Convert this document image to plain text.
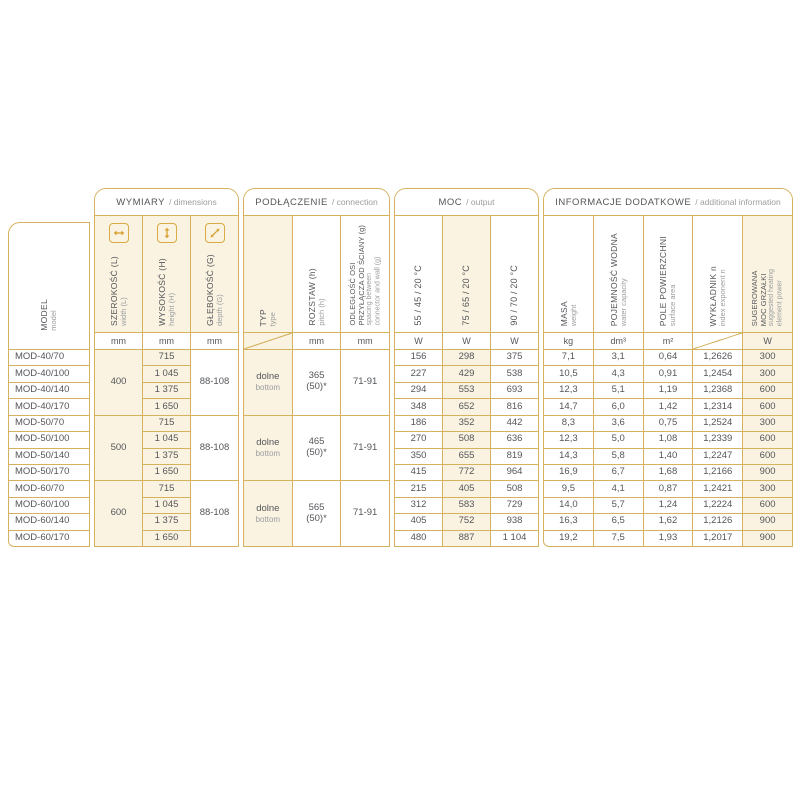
MODEL model
MOD-40/70
MOD-40/100
MOD-40/140
MOD-40/170
MOD-50/70
MOD-50/100
MOD-50/140
MOD-50/170
MOD-60/70
MOD-60/100
MOD-60/140
MOD-60/170
WYMIARY / dimensions
SZEROKOŚĆ (L) width (L)
mm
400
500
600
WYSOKOŚĆ (H) height (H)
mm
715
1 045
1 375
1 650
715
1 045
1 375
1 650
715
1 045
1 375
1 650
GŁĘBOKOŚĆ (G) depth (G)
mm
88-108
88-108
88-108
PODŁĄCZENIE / connection
TYP type
dolne
bottom
dolne
bottom
dolne
bottom
ROZSTAW (h) pitch (h)
mm
365
(50)*
465
(50)*
565
(50)*
ODLEGŁOŚĆ OSI PRZYŁĄCZA OD ŚCIANY (g) spacing between connector and wall (g)
mm
71-91
71-91
71-91
MOC / output
55 / 45 / 20 °C
W
156
227
294
348
186
270
350
415
215
312
405
480
75 / 65 / 20 °C
W
298
429
553
652
352
508
655
772
405
583
752
887
90 / 70 / 20 °C
W
375
538
693
816
442
636
819
964
508
729
938
1 104
INFORMACJE DODATKOWE / additional information
MASA weight
kg
7,1
10,5
12,3
14,7
8,3
12,3
14,3
16,9
9,5
14,0
16,3
19,2
POJEMNOŚĆ WODNA water capacity
dm³
3,1
4,3
5,1
6,0
3,6
5,0
5,8
6,7
4,1
5,7
6,5
7,5
POLE POWIERZCHNI surface area
m²
0,64
0,91
1,19
1,42
0,75
1,08
1,40
1,68
0,87
1,24
1,62
1,93
WYKŁADNIK n index exponent n
1,2626
1,2454
1,2368
1,2314
1,2524
1,2339
1,2247
1,2166
1,2421
1,2224
1,2126
1,2017
SUGEROWANA MOC GRZAŁKI suggested heating element power
W
300
300
600
600
300
600
600
900
300
600
900
900
